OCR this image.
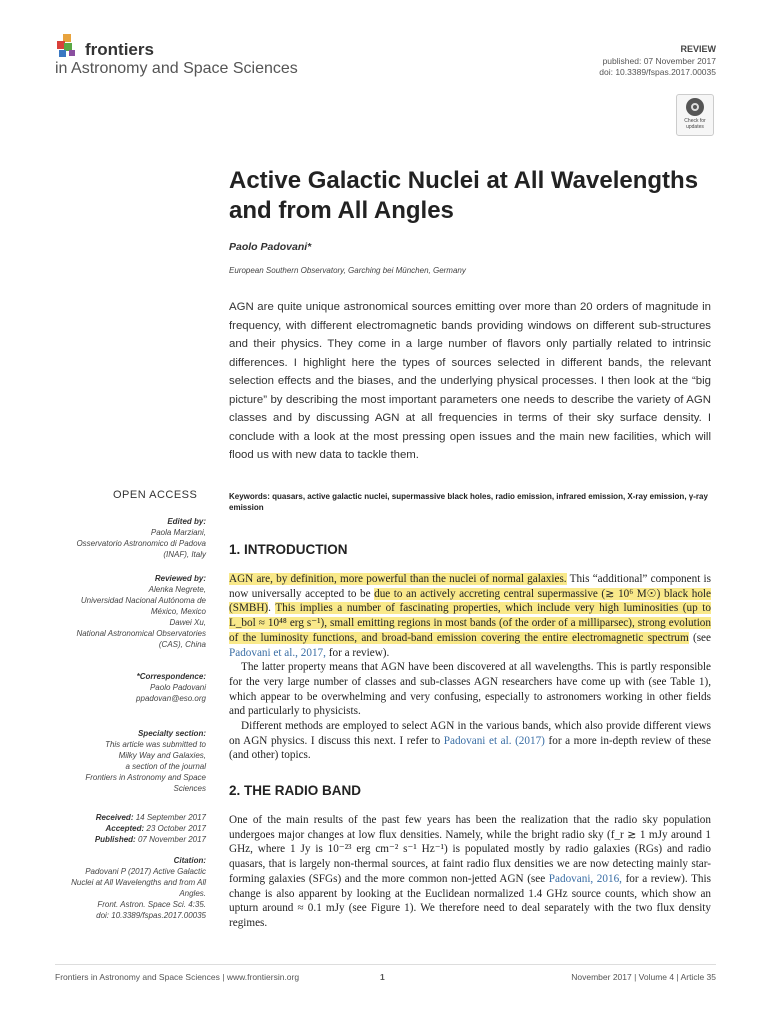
frontiers
in Astronomy and Space Sciences
REVIEW
published: 07 November 2017
doi: 10.3389/fspas.2017.00035
Check for updates
Active Galactic Nuclei at All Wavelengths and from All Angles
Paolo Padovani*
European Southern Observatory, Garching bei München, Germany
AGN are quite unique astronomical sources emitting over more than 20 orders of magnitude in frequency, with different electromagnetic bands providing windows on different sub-structures and their physics. They come in a large number of flavors only partially related to intrinsic differences. I highlight here the types of sources selected in different bands, the relevant selection effects and the biases, and the underlying physical processes. I then look at the “big picture” by describing the most important parameters one needs to describe the variety of AGN classes and by discussing AGN at all frequencies in terms of their sky surface density. I conclude with a look at the most pressing open issues and the main new facilities, which will flood us with new data to tackle them.
Keywords: quasars, active galactic nuclei, supermassive black holes, radio emission, infrared emission, X-ray emission, γ-ray emission
OPEN ACCESS
Edited by:
Paola Marziani,
Osservatorio Astronomico di Padova
(INAF), Italy
Reviewed by:
Alenka Negrete,
Universidad Nacional Autónoma de
México, Mexico
Dawei Xu,
National Astronomical Observatories
(CAS), China
*Correspondence:
Paolo Padovani
ppadovan@eso.org
Specialty section:
This article was submitted to
Milky Way and Galaxies,
a section of the journal
Frontiers in Astronomy and Space
Sciences
Received: 14 September 2017
Accepted: 23 October 2017
Published: 07 November 2017
Citation:
Padovani P (2017) Active Galactic
Nuclei at All Wavelengths and from All
Angles.
Front. Astron. Space Sci. 4:35.
doi: 10.3389/fspas.2017.00035
1. INTRODUCTION

AGN are, by definition, more powerful than the nuclei of normal galaxies. This “additional” component is now universally accepted to be due to an actively accreting central supermassive (≳ 10⁶ M☉) black hole (SMBH). This implies a number of fascinating properties, which include very high luminosities (up to L_bol ≈ 10⁴⁸ erg s⁻¹), small emitting regions in most bands (of the order of a milliparsec), strong evolution of the luminosity functions, and broad-band emission covering the entire electromagnetic spectrum (see Padovani et al., 2017, for a review).

The latter property means that AGN have been discovered at all wavelengths. This is partly responsible for the very large number of classes and sub-classes AGN researchers have come up with (see Table 1), which appear to be overwhelming and very confusing, especially to astronomers working in other fields and particularly to physicists.

Different methods are employed to select AGN in the various bands, which also provide different views on AGN physics. I discuss this next. I refer to Padovani et al. (2017) for a more in-depth review of these (and other) topics.

2. THE RADIO BAND

One of the main results of the past few years has been the realization that the radio sky population undergoes major changes at low flux densities. Namely, while the bright radio sky (f_r ≳ 1 mJy around 1 GHz, where 1 Jy is 10⁻²³ erg cm⁻² s⁻¹ Hz⁻¹) is populated mostly by radio galaxies (RGs) and radio quasars, that is largely non-thermal sources, at faint radio flux densities we are now detecting mainly star-forming galaxies (SFGs) and the more common non-jetted AGN (see Padovani, 2016, for a review). This change is also apparent by looking at the Euclidean normalized 1.4 GHz source counts, which show an upturn around ≈ 0.1 mJy (see Figure 1). We therefore need to deal separately with the two flux density regimes.

Frontiers in Astronomy and Space Sciences | www.frontiersin.org	1	November 2017 | Volume 4 | Article 35
